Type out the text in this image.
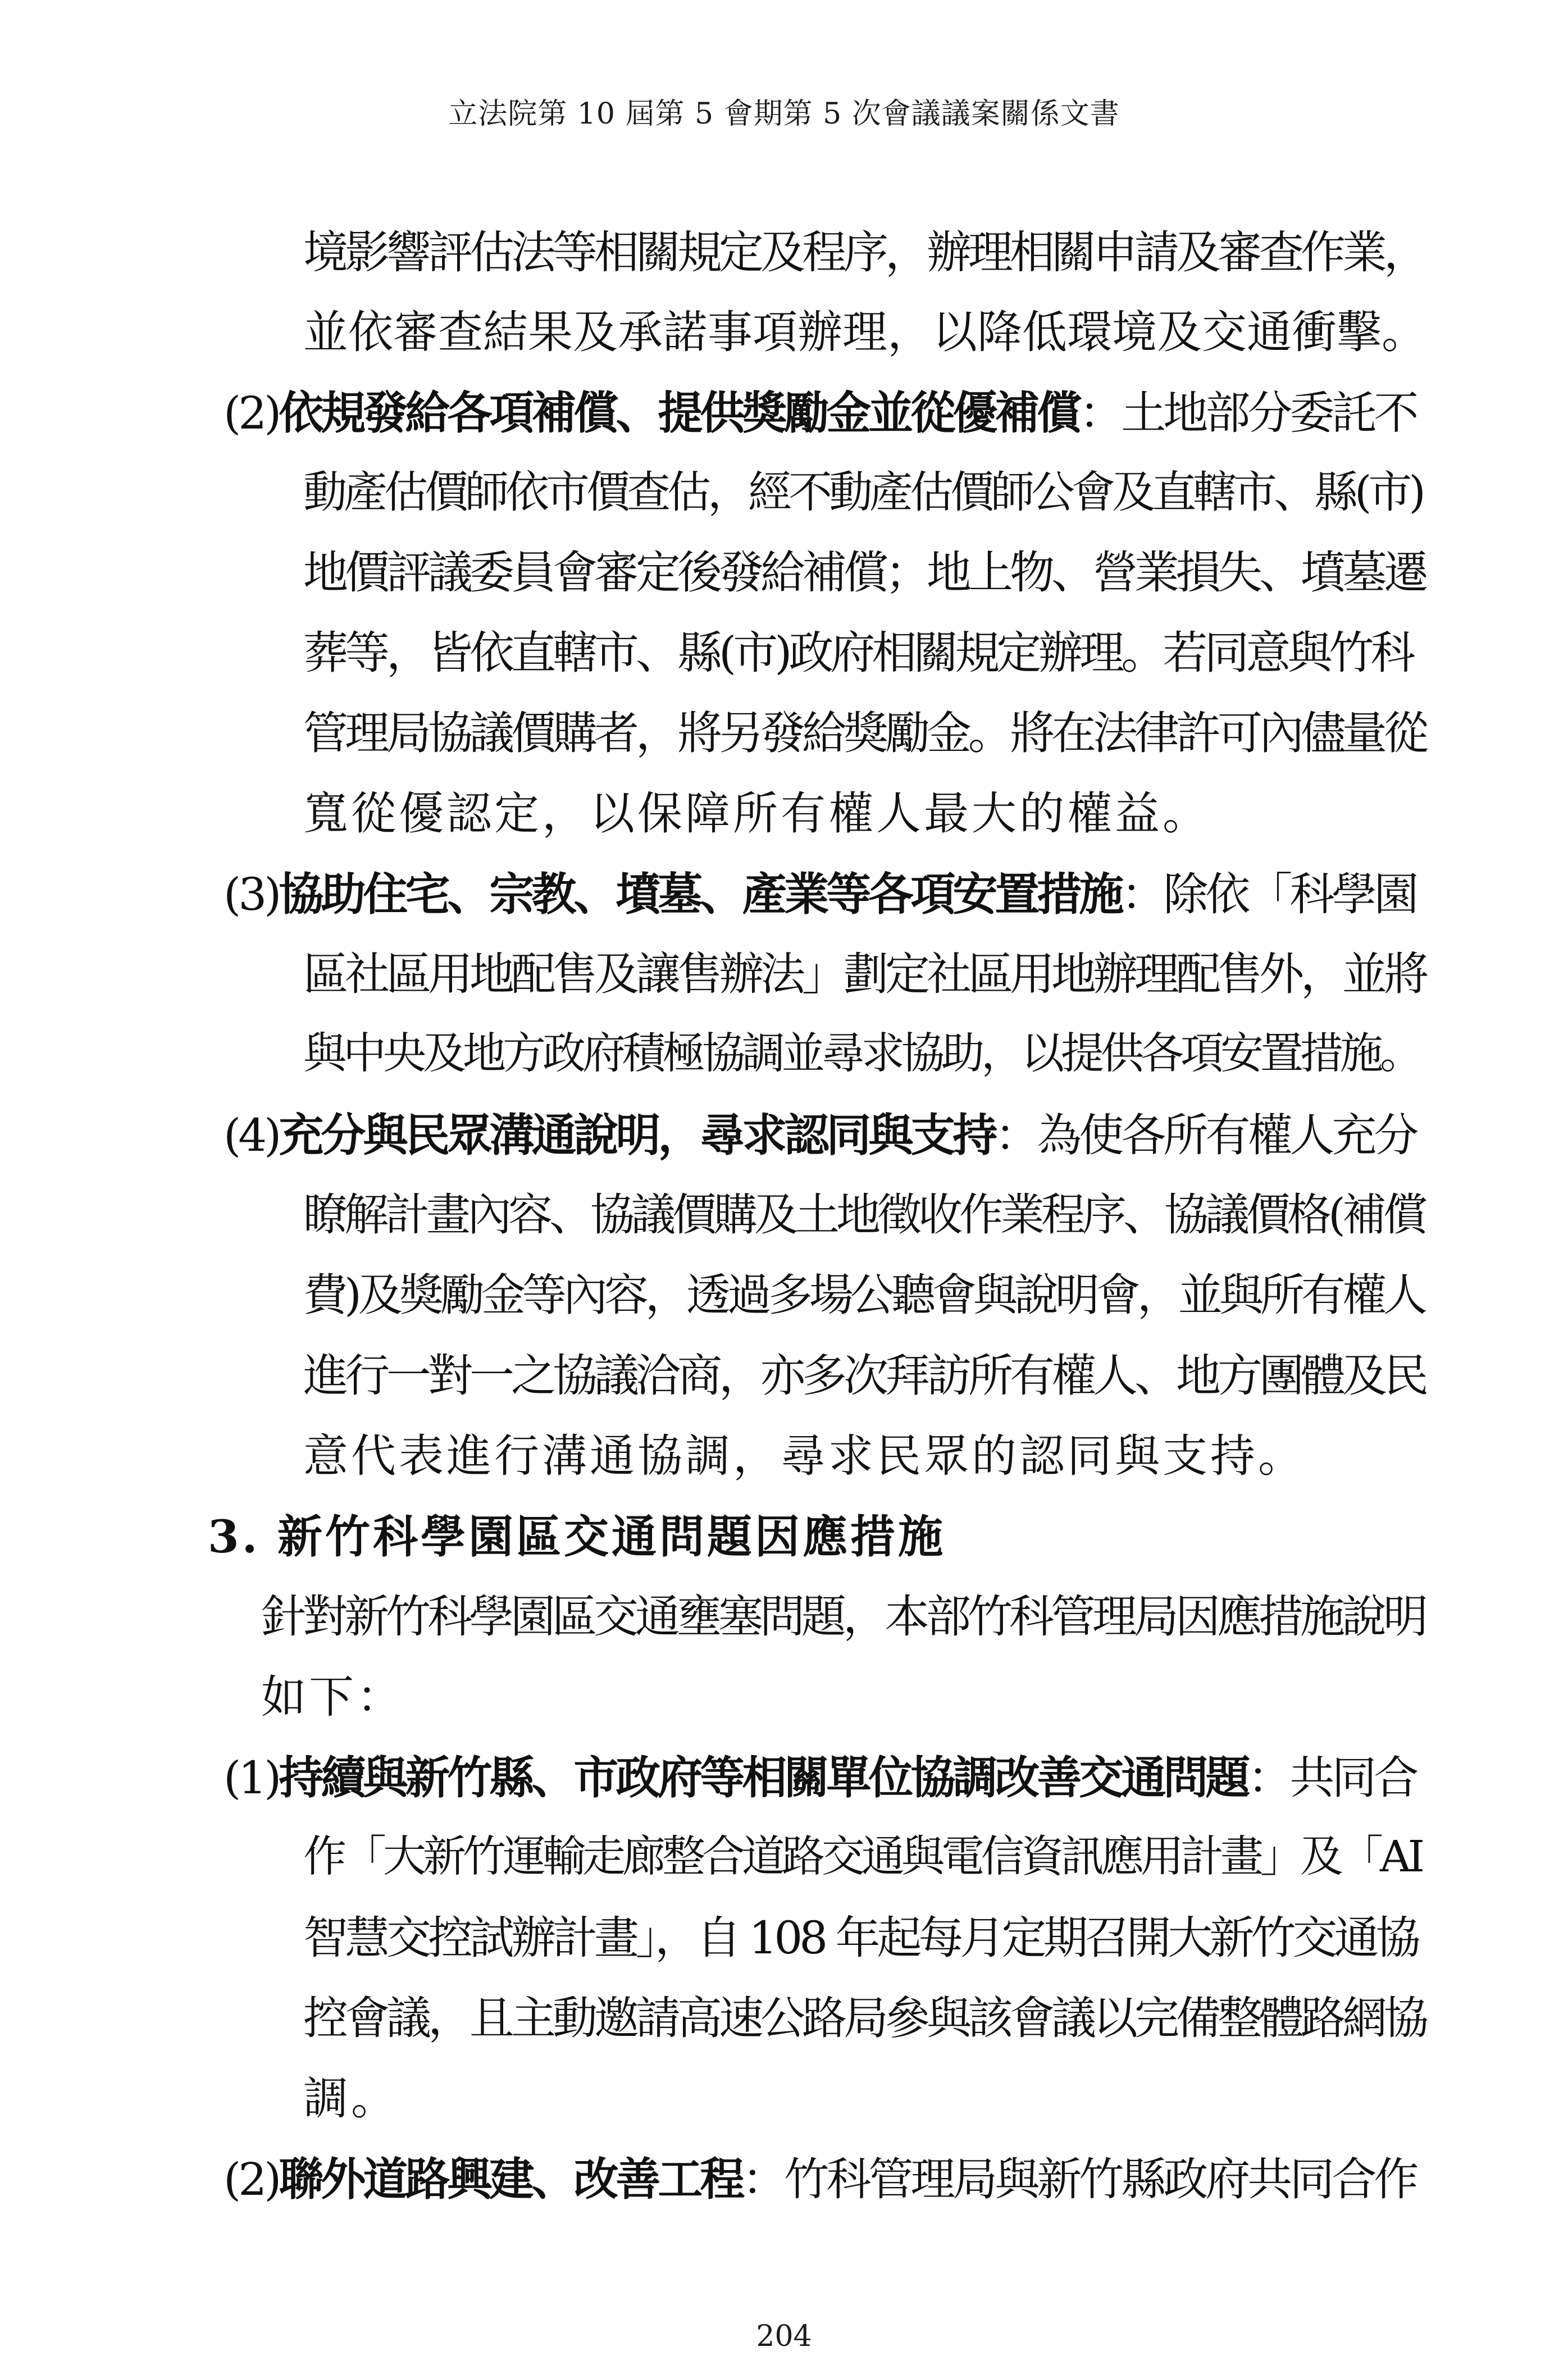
立法院第 10 屆第 5 會期第 5 次會議議案關係文書
境影響評估法等相關規定及程序，辦理相關申請及審查作業，
並依審查結果及承諾事項辦理，以降低環境及交通衝擊。
(2)依規發給各項補償、提供獎勵金並從優補償：土地部分委託不
動產估價師依市價查估，經不動產估價師公會及直轄市、縣(市)
地價評議委員會審定後發給補償；地上物、營業損失、墳墓遷
葬等，皆依直轄市、縣(市)政府相關規定辦理。若同意與竹科
管理局協議價購者，將另發給獎勵金。將在法律許可內儘量從
寬從優認定，以保障所有權人最大的權益。
(3)協助住宅、宗教、墳墓、產業等各項安置措施：除依「科學園
區社區用地配售及讓售辦法」劃定社區用地辦理配售外，並將
與中央及地方政府積極協調並尋求協助，以提供各項安置措施。
(4)充分與民眾溝通說明，尋求認同與支持：為使各所有權人充分
瞭解計畫內容、協議價購及土地徵收作業程序、協議價格(補償
費)及獎勵金等內容，透過多場公聽會與說明會，並與所有權人
進行一對一之協議洽商，亦多次拜訪所有權人、地方團體及民
意代表進行溝通協調，尋求民眾的認同與支持。
3. 新竹科學園區交通問題因應措施
針對新竹科學園區交通壅塞問題，本部竹科管理局因應措施說明
如下：
(1)持續與新竹縣、市政府等相關單位協調改善交通問題：共同合
作「大新竹運輸走廊整合道路交通與電信資訊應用計畫」及「AI
智慧交控試辦計畫」，自 108 年起每月定期召開大新竹交通協
控會議，且主動邀請高速公路局參與該會議以完備整體路網協
調。
(2)聯外道路興建、改善工程：竹科管理局與新竹縣政府共同合作
204
